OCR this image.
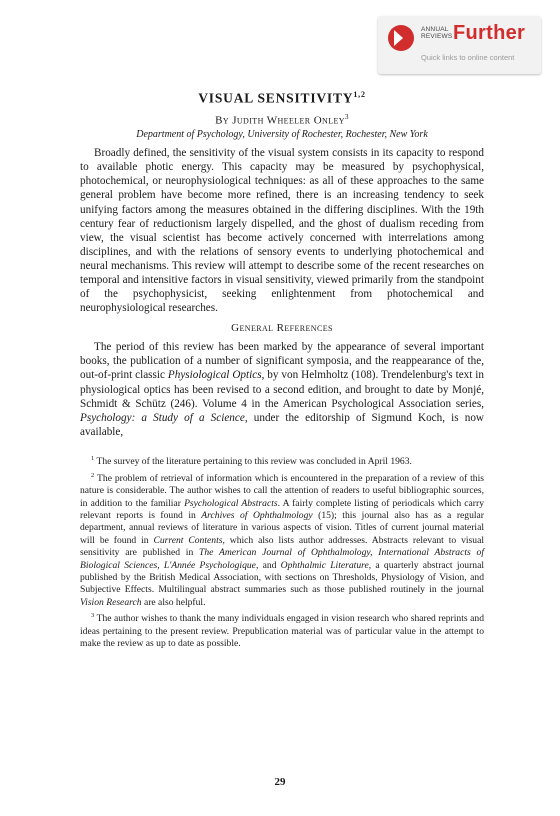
ANNUAL
REVIEWS Further
Quick links to online content
VISUAL SENSITIVITY$^{1,2}$
By Judith Wheeler Onley$^3$
Department of Psychology, University of Rochester, Rochester, New York

Broadly defined, the sensitivity of the visual system consists in its capacity to respond to available photic energy. This capacity may be measured by psychophysical, photochemical, or neurophysiological techniques: as all of these approaches to the same general problem have become more refined, there is an increasing tendency to seek unifying factors among the measures obtained in the differing disciplines. With the 19th century fear of reductionism largely dispelled, and the ghost of dualism receding from view, the visual scientist has become actively concerned with interrelations among disciplines, and with the relations of sensory events to underlying photochemical and neural mechanisms. This review will attempt to describe some of the recent researches on temporal and intensitive factors in visual sensitivity, viewed primarily from the standpoint of the psychophysicist, seeking enlightenment from photochemical and neurophysiological researches.

General References

The period of this review has been marked by the appearance of several important books, the publication of a number of significant symposia, and the reappearance of the, out-of-print classic Physiological Optics, by von Helmholtz (108). Trendelenburg's text in physiological optics has been revised to a second edition, and brought to date by Monjé, Schmidt & Schütz (246). Volume 4 in the American Psychological Association series, Psychology: a Study of a Science, under the editorship of Sigmund Koch, is now available,

$^1$ The survey of the literature pertaining to this review was concluded in April 1963.

$^2$ The problem of retrieval of information which is encountered in the preparation of a review of this nature is considerable. The author wishes to call the attention of readers to useful bibliographic sources, in addition to the familiar Psychological Abstracts. A fairly complete listing of periodicals which carry relevant reports is found in Archives of Ophthalmology (15); this journal also has as a regular department, annual reviews of literature in various aspects of vision. Titles of current journal material will be found in Current Contents, which also lists author addresses. Abstracts relevant to visual sensitivity are published in The American Journal of Ophthalmology, International Abstracts of Biological Sciences, L'Année Psychologique, and Ophthalmic Literature, a quarterly abstract journal published by the British Medical Association, with sections on Thresholds, Physiology of Vision, and Subjective Effects. Multilingual abstract summaries such as those published routinely in the journal Vision Research are also helpful.

$^3$ The author wishes to thank the many individuals engaged in vision research who shared reprints and ideas pertaining to the present review. Prepublication material was of particular value in the attempt to make the review as up to date as possible.

29
